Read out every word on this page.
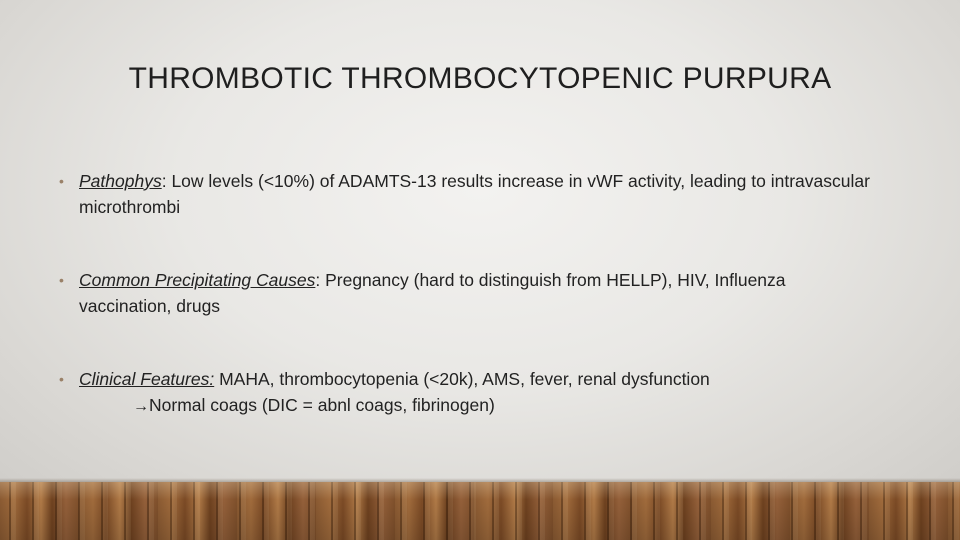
THROMBOTIC THROMBOCYTOPENIC PURPURA
• Pathophys: Low levels (<10%) of ADAMTS-13 results increase in vWF activity, leading to intravascular microthrombi
• Common Precipitating Causes: Pregnancy (hard to distinguish from HELLP), HIV, Influenza vaccination, drugs
• Clinical Features: MAHA, thrombocytopenia (<20k), AMS, fever, renal dysfunction
→Normal coags (DIC = abnl coags, fibrinogen)
